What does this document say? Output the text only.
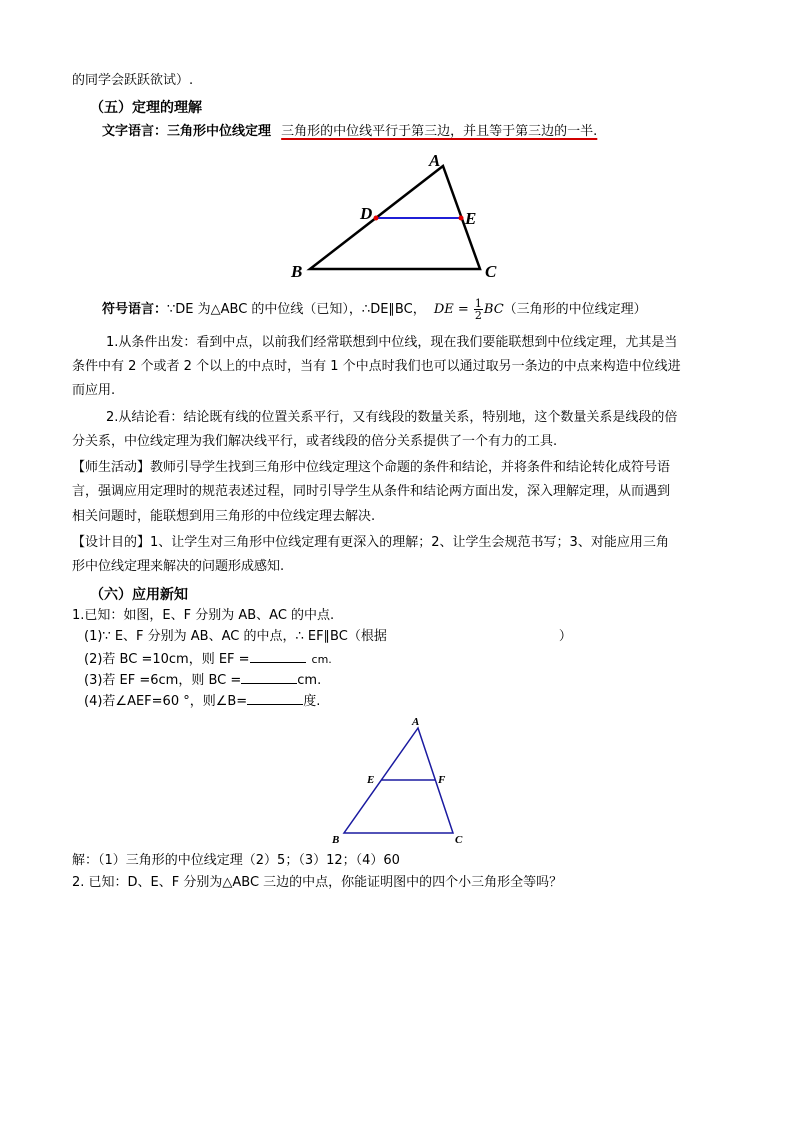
的同学会跃跃欲试）.
（五）定理的理解
文字语言：三角形中位线定理 三角形的中位线平行于第三边，并且等于第三边的一半.
A
B	C
D	E
符号语言：∵DE 为△ABC 的中位线（已知），∴DE∥BC， DE = $\frac{1}{2} BC$（三角形的中位线定理）
1.从条件出发：看到中点，以前我们经常联想到中位线，现在我们要能联想到中位线定理，尤其是当
条件中有 2 个或者 2 个以上的中点时，当有 1 个中点时我们也可以通过取另一条边的中点来构造中位线进
而应用.
2.从结论看：结论既有线的位置关系平行，又有线段的数量关系，特别地，这个数量关系是线段的倍
分关系，中位线定理为我们解决线平行，或者线段的倍分关系提供了一个有力的工具.
【师生活动】教师引导学生找到三角形中位线定理这个命题的条件和结论，并将条件和结论转化成符号语
言，强调应用定理时的规范表述过程，同时引导学生从条件和结论两方面出发，深入理解定理，从而遇到
相关问题时，能联想到用三角形的中位线定理去解决.
【设计目的】1、让学生对三角形中位线定理有更深入的理解；2、让学生会规范书写；3、对能应用三角
形中位线定理来解决的问题形成感知.
（六）应用新知
1.已知：如图，E、F 分别为 AB、AC 的中点.
(1)∵ E、F 分别为 AB、AC 的中点，∴ EF∥BC（根据	）
(2)若 BC =10cm，则 EF =	cm.
(3)若 EF =6cm，则 BC =	cm.
(4)若∠AEF=60 °，则∠B=	度.
A
B	C
E	F
解：（1）三角形的中位线定理（2）5；（3）12；（4）60
2. 已知：D、E、F 分别为△ABC 三边的中点，你能证明图中的四个小三角形全等吗？
